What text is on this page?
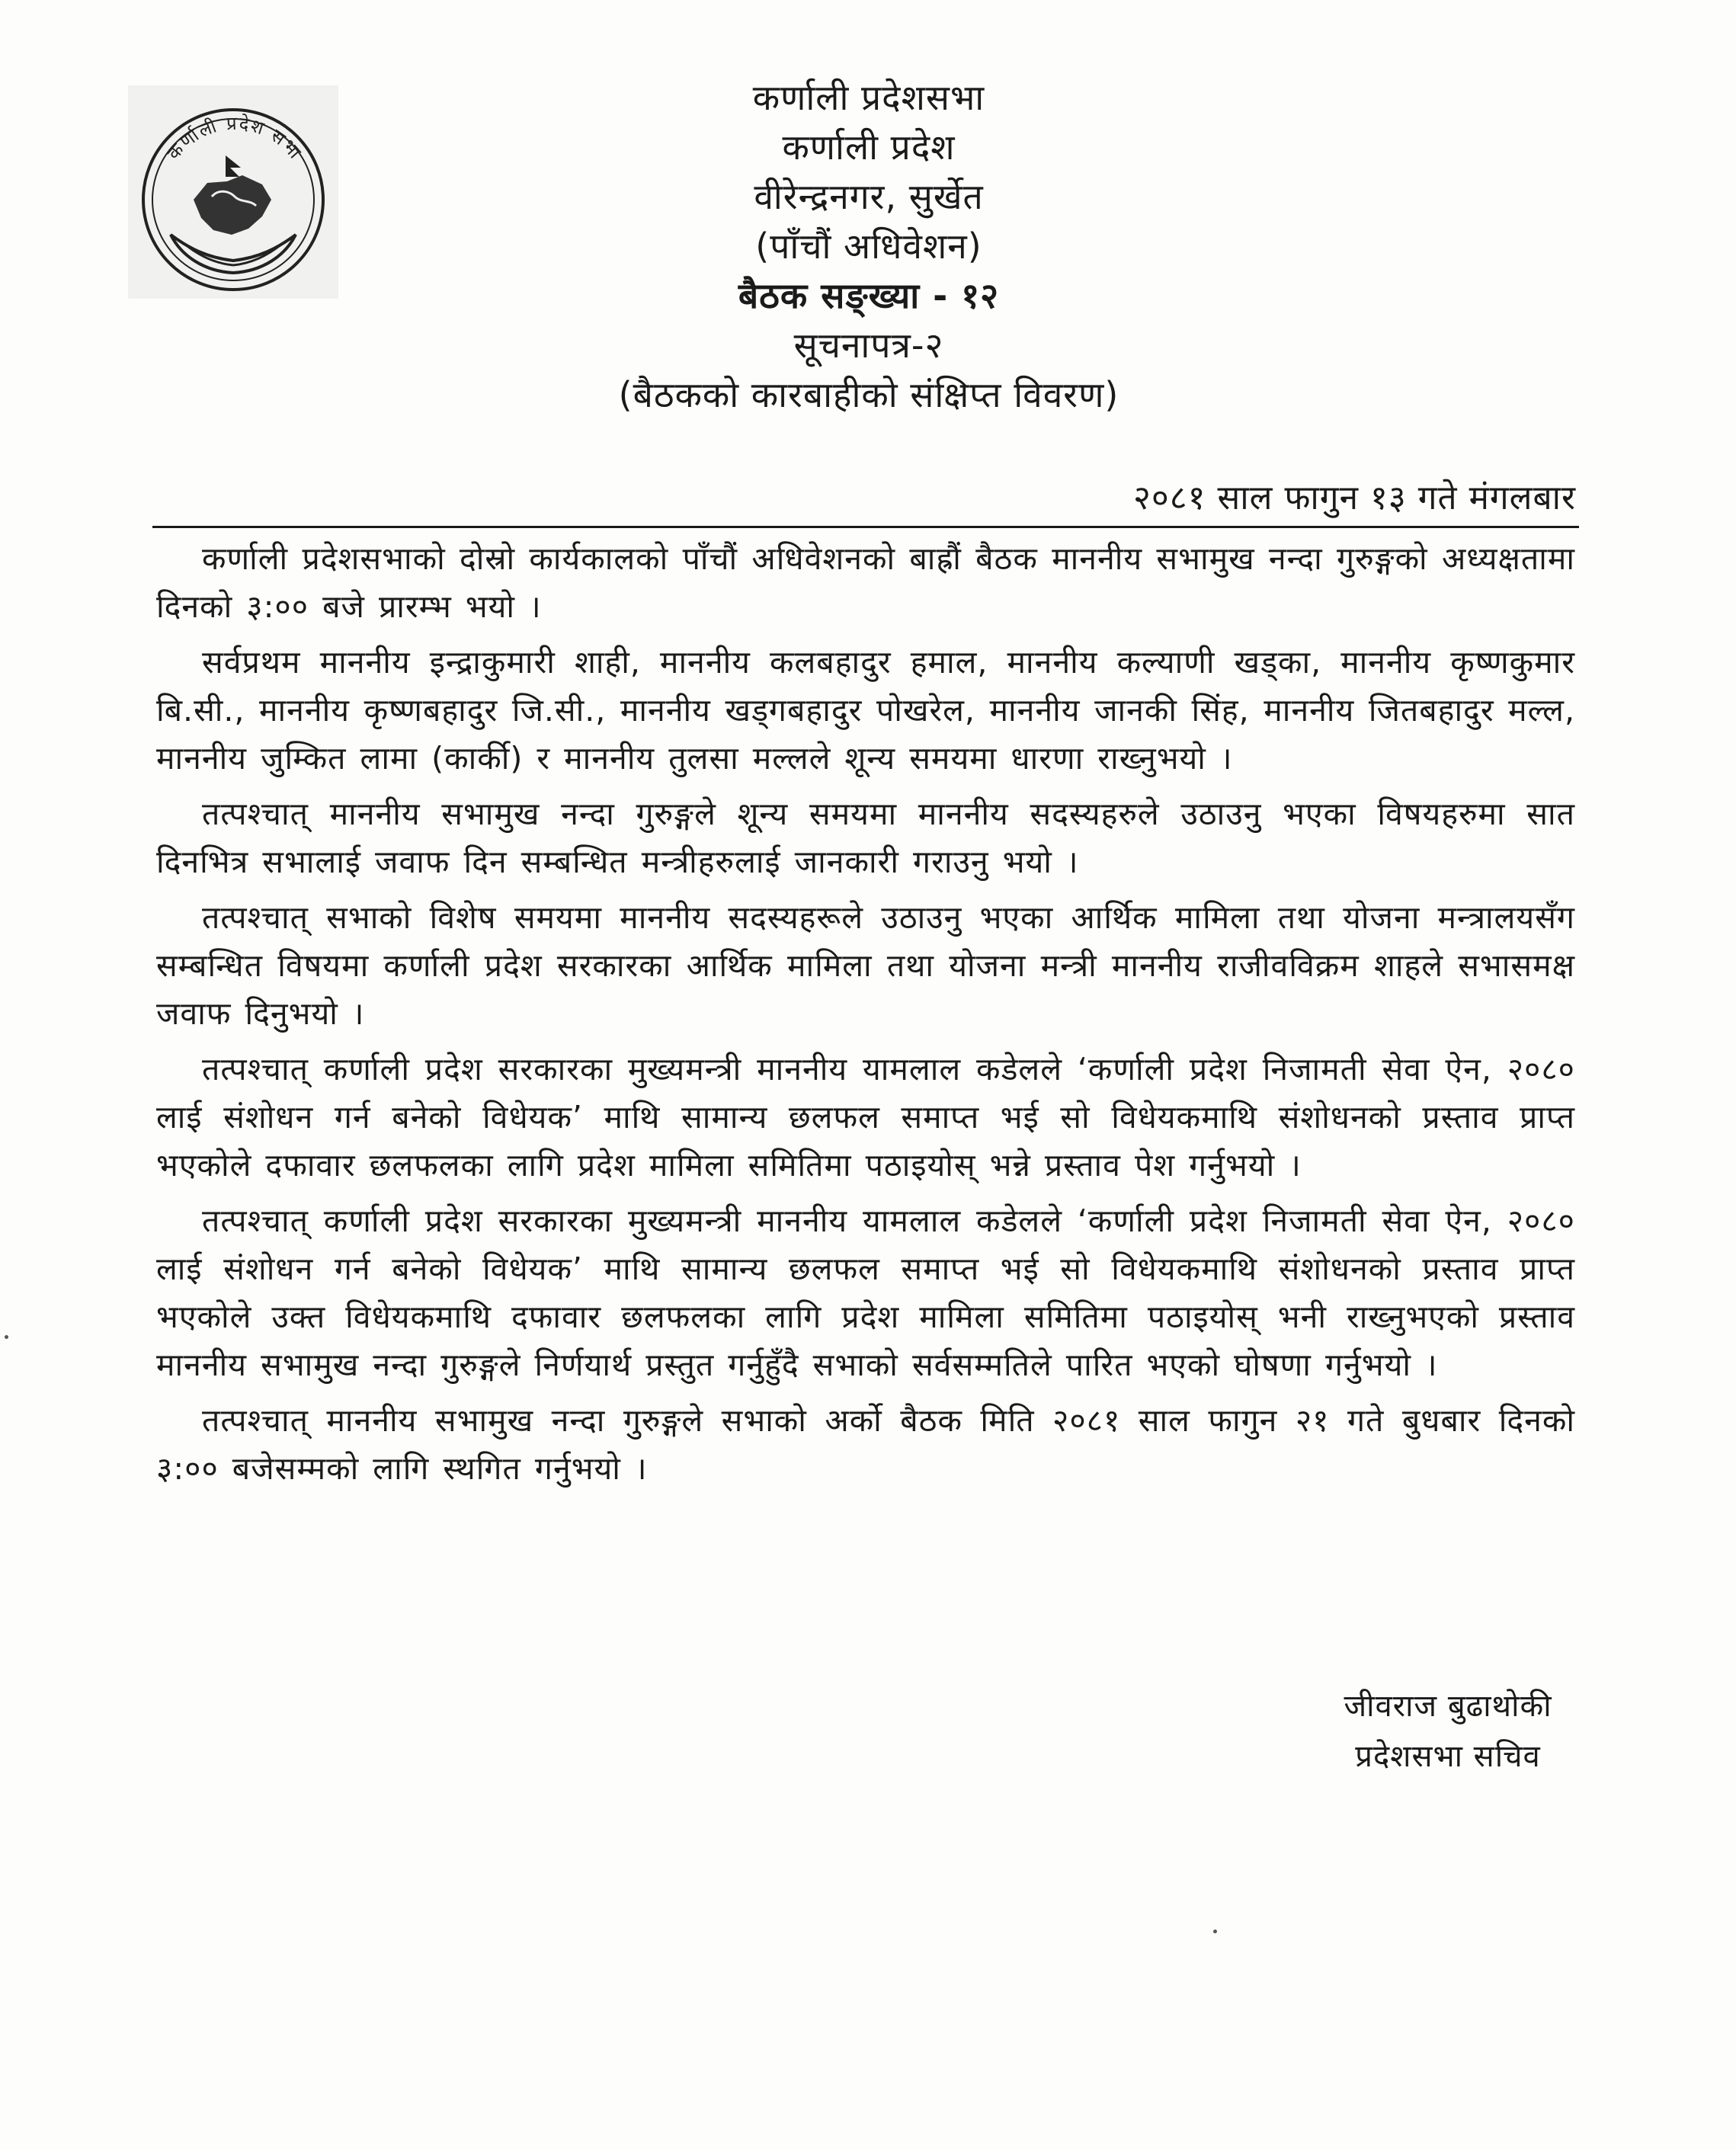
कर्णाली प्रदेश सभा
कर्णाली प्रदेशसभा
कर्णाली प्रदेश
वीरेन्द्रनगर, सुर्खेत
(पाँचौं अधिवेशन)
बैठक सङ्ख्या - १२
सूचनापत्र-२
(बैठकको कारबाहीको संक्षिप्त विवरण)
२०८१ साल फागुन १३ गते मंगलबार

कर्णाली प्रदेशसभाको दोस्रो कार्यकालको पाँचौं अधिवेशनको बाह्रौं बैठक माननीय सभामुख नन्दा गुरुङ्गको अध्यक्षतामा दिनको ३:०० बजे प्रारम्भ भयो ।

सर्वप्रथम माननीय इन्द्राकुमारी शाही, माननीय कलबहादुर हमाल, माननीय कल्याणी खड्का, माननीय कृष्णकुमार बि.सी., माननीय कृष्णबहादुर जि.सी., माननीय खड्गबहादुर पोखरेल, माननीय जानकी सिंह, माननीय जितबहादुर मल्ल, माननीय जुम्कित लामा (कार्की) र माननीय तुलसा मल्लले शून्य समयमा धारणा राख्नुभयो ।

तत्पश्चात् माननीय सभामुख नन्दा गुरुङ्गले शून्य समयमा माननीय सदस्यहरुले उठाउनु भएका विषयहरुमा सात दिनभित्र सभालाई जवाफ दिन सम्बन्धित मन्त्रीहरुलाई जानकारी गराउनु भयो ।

तत्पश्चात् सभाको विशेष समयमा माननीय सदस्यहरूले उठाउनु भएका आर्थिक मामिला तथा योजना मन्त्रालयसँग सम्बन्धित विषयमा कर्णाली प्रदेश सरकारका आर्थिक मामिला तथा योजना मन्त्री माननीय राजीवविक्रम शाहले सभासमक्ष जवाफ दिनुभयो ।

तत्पश्चात् कर्णाली प्रदेश सरकारका मुख्यमन्त्री माननीय यामलाल कडेलले ‘कर्णाली प्रदेश निजामती सेवा ऐन, २०८० लाई संशोधन गर्न बनेको विधेयक’ माथि सामान्य छलफल समाप्त भई सो विधेयकमाथि संशोधनको प्रस्ताव प्राप्त भएकोले दफावार छलफलका लागि प्रदेश मामिला समितिमा पठाइयोस् भन्ने प्रस्ताव पेश गर्नुभयो ।

तत्पश्चात् कर्णाली प्रदेश सरकारका मुख्यमन्त्री माननीय यामलाल कडेलले ‘कर्णाली प्रदेश निजामती सेवा ऐन, २०८० लाई संशोधन गर्न बनेको विधेयक’ माथि सामान्य छलफल समाप्त भई सो विधेयकमाथि संशोधनको प्रस्ताव प्राप्त भएकोले उक्त विधेयकमाथि दफावार छलफलका लागि प्रदेश मामिला समितिमा पठाइयोस् भनी राख्नुभएको प्रस्ताव माननीय सभामुख नन्दा गुरुङ्गले निर्णयार्थ प्रस्तुत गर्नुहुँदै सभाको सर्वसम्मतिले पारित भएको घोषणा गर्नुभयो ।

तत्पश्चात् माननीय सभामुख नन्दा गुरुङ्गले सभाको अर्को बैठक मिति २०८१ साल फागुन २१ गते बुधबार दिनको ३:०० बजेसम्मको लागि स्थगित गर्नुभयो ।

जीवराज बुढाथोकी
प्रदेशसभा सचिव
